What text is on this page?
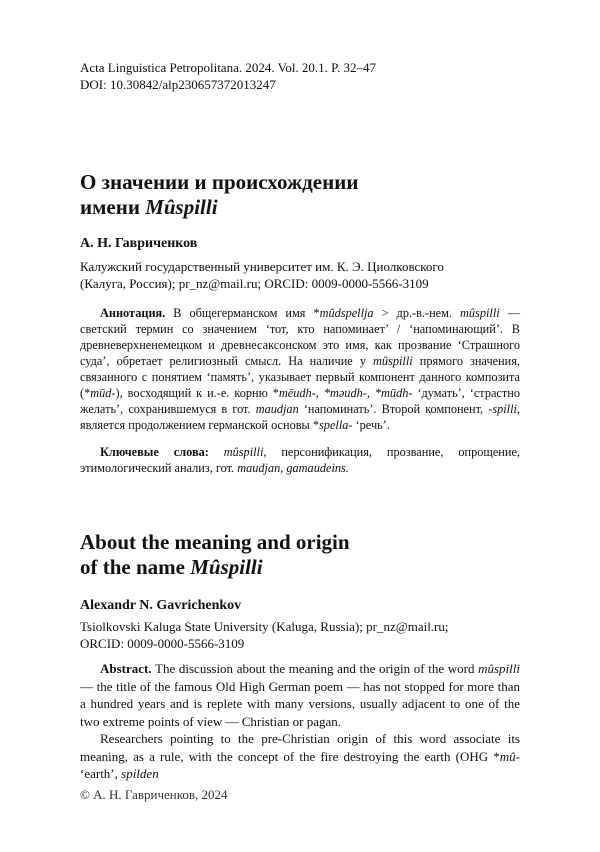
Acta Linguistica Petropolitana. 2024. Vol. 20.1. P. 32–47
DOI: 10.30842/alp230657372013247
О значении и происхождении
имени Mûspilli
А. Н. Гавриченков
Калужский государственный университет им. К. Э. Циолковского
(Калуга, Россия); pr_nz@mail.ru; ORCID: 0009-0000-5566-3109

Аннотация. В общегерманском имя *mûdspellja > др.-в.-нем. mûspilli — светский термин со значением ‘тот, кто напоминает’ / ‘напоминающий’. В древневерхненемецком и древнесаксонском это имя, как прозвание ‘Страшного суда’, обретает религиозный смысл. На наличие у mûspilli прямого значения, связанного с понятием ‘память’, указывает первый компонент данного композита (*mūd-), восходящий к и.-е. корню *mēudh-, *məudh-, *mūdh- ‘думать’, ‘страстно желать’, сохранившемуся в гот. maudjan ‘напоминать’. Второй компонент, -spilli, является продолжением германской основы *spella- ‘речь’.

Ключевые слова: mûspilli, персонификация, прозвание, опрощение, этимологический анализ, гот. maudjan, gamaudeins.

About the meaning and origin
of the name Mûspilli
Alexandr N. Gavrichenkov
Tsiolkovski Kaluga State University (Kaluga, Russia); pr_nz@mail.ru;
ORCID: 0009-0000-5566-3109

Abstract. The discussion about the meaning and the origin of the word mûspilli — the title of the famous Old High German poem — has not stopped for more than a hundred years and is replete with many versions, usually adjacent to one of the two extreme points of view — Christian or pagan.

Researchers pointing to the pre-Christian origin of this word associate its meaning, as a rule, with the concept of the fire destroying the earth (OHG *mû- ‘earth’, spilden

© А. Н. Гавриченков, 2024
